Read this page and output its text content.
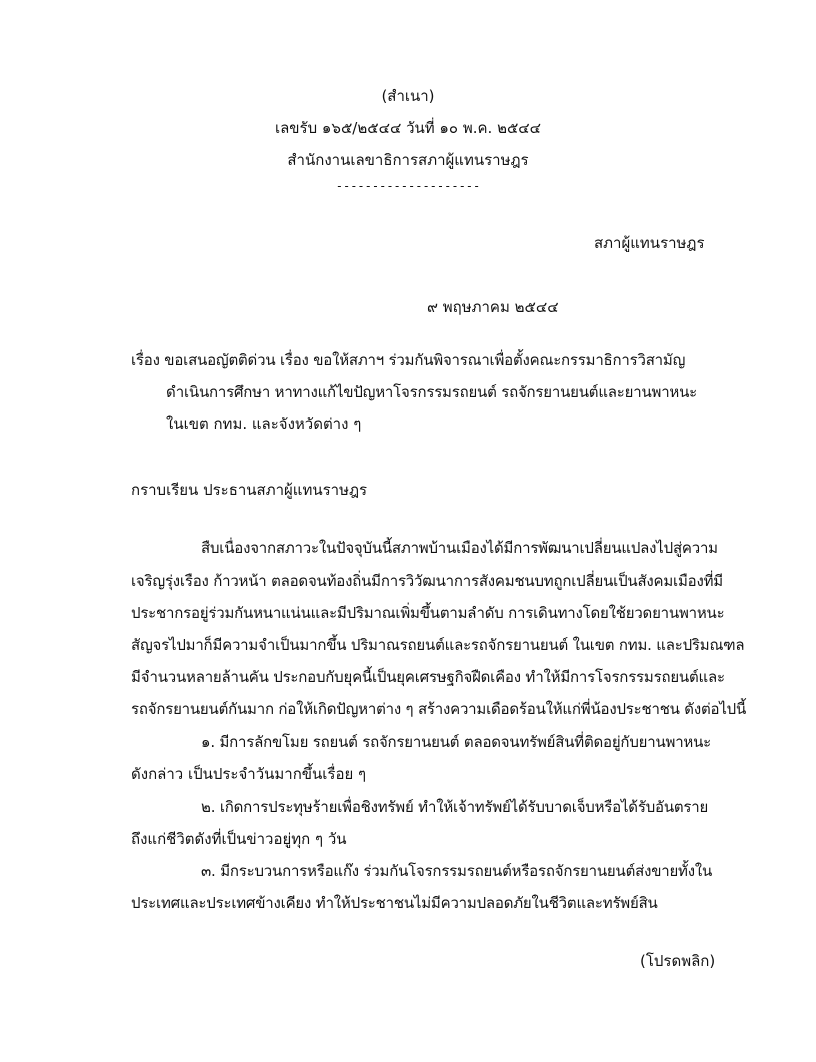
(สำเนา)
เลขรับ ๑๖๕/๒๕๔๔ วันที่ ๑๐ พ.ค. ๒๕๔๔
สำนักงานเลขาธิการสภาผู้แทนราษฎร
--------------------
สภาผู้แทนราษฎร
๙ พฤษภาคม ๒๕๔๔
เรื่อง ขอเสนอญัตติด่วน เรื่อง ขอให้สภาฯ ร่วมกันพิจารณาเพื่อตั้งคณะกรรมาธิการวิสามัญ
ดำเนินการศึกษา หาทางแก้ไขปัญหาโจรกรรมรถยนต์ รถจักรยานยนต์และยานพาหนะ
ในเขต กทม. และจังหวัดต่าง ๆ
กราบเรียน ประธานสภาผู้แทนราษฎร
สืบเนื่องจากสภาวะในปัจจุบันนี้สภาพบ้านเมืองได้มีการพัฒนาเปลี่ยนแปลงไปสู่ความ
เจริญรุ่งเรือง ก้าวหน้า ตลอดจนท้องถิ่นมีการวิวัฒนาการสังคมชนบทถูกเปลี่ยนเป็นสังคมเมืองที่มี
ประชากรอยู่ร่วมกันหนาแน่นและมีปริมาณเพิ่มขึ้นตามลำดับ การเดินทางโดยใช้ยวดยานพาหนะ
สัญจรไปมาก็มีความจำเป็นมากขึ้น ปริมาณรถยนต์และรถจักรยานยนต์ ในเขต กทม. และปริมณฑล
มีจำนวนหลายล้านคัน ประกอบกับยุคนี้เป็นยุคเศรษฐกิจฝืดเคือง ทำให้มีการโจรกรรมรถยนต์และ
รถจักรยานยนต์กันมาก ก่อให้เกิดปัญหาต่าง ๆ สร้างความเดือดร้อนให้แก่พี่น้องประชาชน ดังต่อไปนี้
๑. มีการลักขโมย รถยนต์ รถจักรยานยนต์ ตลอดจนทรัพย์สินที่ติดอยู่กับยานพาหนะ
ดังกล่าว เป็นประจำวันมากขึ้นเรื่อย ๆ
๒. เกิดการประทุษร้ายเพื่อชิงทรัพย์ ทำให้เจ้าทรัพย์ได้รับบาดเจ็บหรือได้รับอันตราย
ถึงแก่ชีวิตดังที่เป็นข่าวอยู่ทุก ๆ วัน
๓. มีกระบวนการหรือแก๊ง ร่วมกันโจรกรรมรถยนต์หรือรถจักรยานยนต์ส่งขายทั้งใน
ประเทศและประเทศข้างเคียง ทำให้ประชาชนไม่มีความปลอดภัยในชีวิตและทรัพย์สิน
(โปรดพลิก)
